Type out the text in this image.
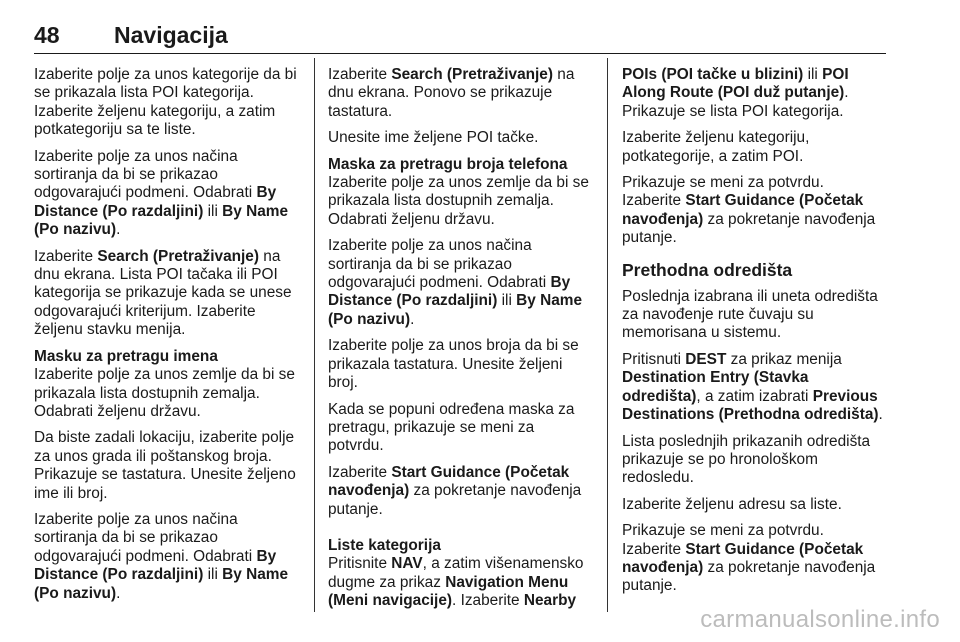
48 Navigacija

Izaberite polje za unos kategorije da bi se prikazala lista POI kategorija. Izaberite željenu kategoriju, a zatim potkategoriju sa te liste.

Izaberite polje za unos načina sortiranja da bi se prikazao odgovarajući podmeni. Odabrati By Distance (Po razdaljini) ili By Name (Po nazivu).

Izaberite Search (Pretraživanje) na dnu ekrana. Lista POI tačaka ili POI kategorija se prikazuje kada se unese odgovarajući kriterijum. Izaberite željenu stavku menija.

Masku za pretragu imena

Izaberite polje za unos zemlje da bi se prikazala lista dostupnih zemalja. Odabrati željenu državu.

Da biste zadali lokaciju, izaberite polje za unos grada ili poštanskog broja. Prikazuje se tastatura. Unesite željeno ime ili broj.

Izaberite polje za unos načina sortiranja da bi se prikazao odgovarajući podmeni. Odabrati By Distance (Po razdaljini) ili By Name (Po nazivu).

Izaberite Search (Pretraživanje) na dnu ekrana. Ponovo se prikazuje tastatura.

Unesite ime željene POI tačke.

Maska za pretragu broja telefona

Izaberite polje za unos zemlje da bi se prikazala lista dostupnih zemalja. Odabrati željenu državu.

Izaberite polje za unos načina sortiranja da bi se prikazao odgovarajući podmeni. Odabrati By Distance (Po razdaljini) ili By Name (Po nazivu).

Izaberite polje za unos broja da bi se prikazala tastatura. Unesite željeni broj.

Kada se popuni određena maska za pretragu, prikazuje se meni za potvrdu.

Izaberite Start Guidance (Početak navođenja) za pokretanje navođenja putanje.

Liste kategorija

Pritisnite NAV, a zatim višenamensko dugme za prikaz Navigation Menu (Meni navigacije). Izaberite Nearby

POIs (POI tačke u blizini) ili POI Along Route (POI duž putanje). Prikazuje se lista POI kategorija.

Izaberite željenu kategoriju, potkategorije, a zatim POI.

Prikazuje se meni za potvrdu.

Izaberite Start Guidance (Početak navođenja) za pokretanje navođenja putanje.

Prethodna odredišta

Poslednja izabrana ili uneta odredišta za navođenje rute čuvaju su memorisana u sistemu.

Pritisnuti DEST za prikaz menija Destination Entry (Stavka odredišta), a zatim izabrati Previous Destinations (Prethodna odredišta).

Lista poslednjih prikazanih odredišta prikazuje se po hronološkom redosledu.

Izaberite željenu adresu sa liste.

Prikazuje se meni za potvrdu.

Izaberite Start Guidance (Početak navođenja) za pokretanje navođenja putanje.

carmanualsonline.info
